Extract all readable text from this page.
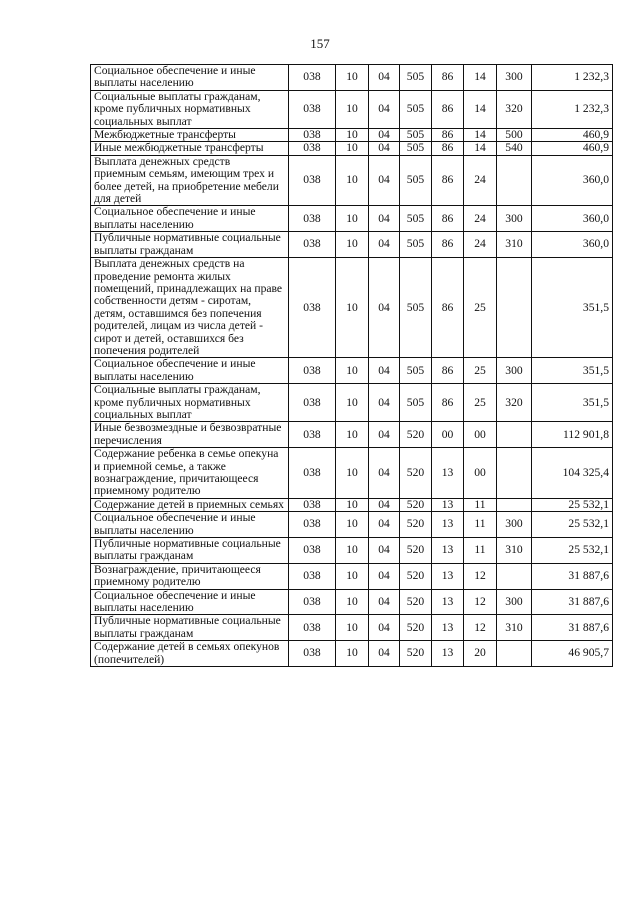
157
Социальное обеспечение и иные выплаты населению	038	10	04	505	86	14	300	1 232,3
Социальные выплаты гражданам, кроме публичных нормативных социальных выплат	038	10	04	505	86	14	320	1 232,3
Межбюджетные трансферты	038	10	04	505	86	14	500	460,9
Иные межбюджетные трансферты	038	10	04	505	86	14	540	460,9
Выплата денежных средств приемным семьям, имеющим трех и более детей, на приобретение мебели для детей	038	10	04	505	86	24		360,0
Социальное обеспечение и иные выплаты населению	038	10	04	505	86	24	300	360,0
Публичные нормативные социальные выплаты гражданам	038	10	04	505	86	24	310	360,0
Выплата денежных средств на проведение ремонта жилых помещений, принадлежащих на праве собственности детям - сиротам, детям, оставшимся без попечения родителей, лицам из числа детей - сирот и детей, оставшихся без попечения родителей	038	10	04	505	86	25		351,5
Социальное обеспечение и иные выплаты населению	038	10	04	505	86	25	300	351,5
Социальные выплаты гражданам, кроме публичных нормативных социальных выплат	038	10	04	505	86	25	320	351,5
Иные безвозмездные и безвозвратные перечисления	038	10	04	520	00	00		112 901,8
Содержание ребенка в семье опекуна и приемной семье, а также вознаграждение, причитающееся приемному родителю	038	10	04	520	13	00		104 325,4
Содержание детей в приемных семьях	038	10	04	520	13	11		25 532,1
Социальное обеспечение и иные выплаты населению	038	10	04	520	13	11	300	25 532,1
Публичные нормативные социальные выплаты гражданам	038	10	04	520	13	11	310	25 532,1
Вознаграждение, причитающееся приемному родителю	038	10	04	520	13	12		31 887,6
Социальное обеспечение и иные выплаты населению	038	10	04	520	13	12	300	31 887,6
Публичные нормативные социальные выплаты гражданам	038	10	04	520	13	12	310	31 887,6
Содержание детей в семьях опекунов (попечителей)	038	10	04	520	13	20		46 905,7
